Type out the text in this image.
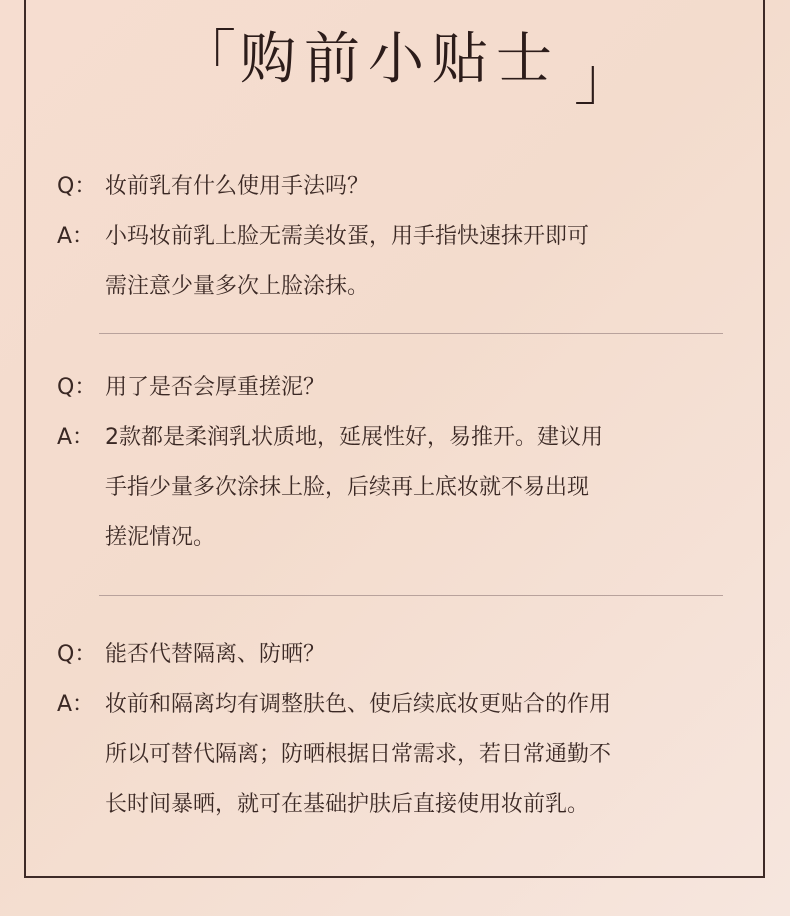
「 购前小贴士 」
Q： 妆前乳有什么使用手法吗？
A： 小玛妆前乳上脸无需美妆蛋，用手指快速抹开即可
需注意少量多次上脸涂抹。
Q： 用了是否会厚重搓泥？
A： 2款都是柔润乳状质地，延展性好，易推开。建议用
手指少量多次涂抹上脸，后续再上底妆就不易出现
搓泥情况。
Q： 能否代替隔离、防晒？
A： 妆前和隔离均有调整肤色、使后续底妆更贴合的作用
所以可替代隔离；防晒根据日常需求，若日常通勤不
长时间暴晒，就可在基础护肤后直接使用妆前乳。
